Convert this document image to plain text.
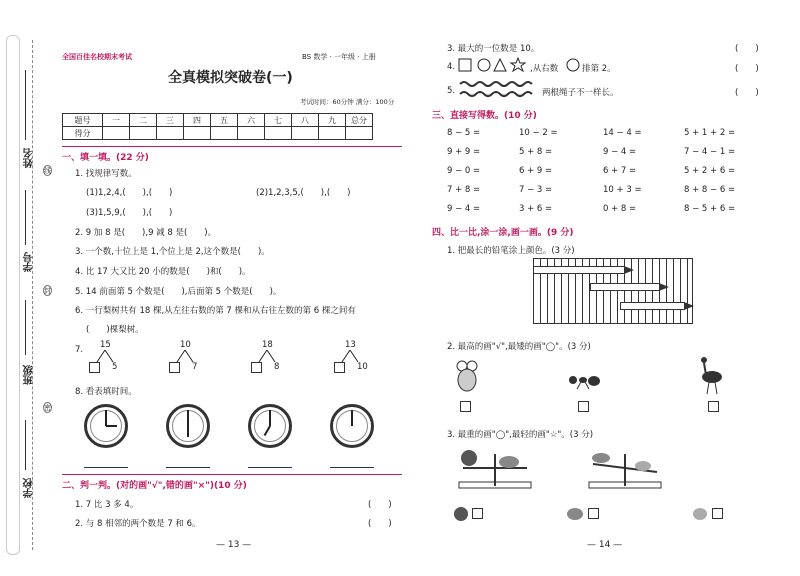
姓名
线
学号
封
班级
密
学校
全国百佳名校期末考试	BS 数学 · 一年级 · 上册
全真模拟突破卷(一)
考试时间：60分钟 满分：100分
题号	一	二	三	四	五	六	七	八	九	总分
得分										
一、填一填。(22 分)
1. 找规律写数。
(1)1,2,4,(　　),(　　)	(2)1,2,3,5,(　　),(　　)
(3)1,5,9,(　　),(　　)
2. 9 加 8 是(　　),9 减 8 是(　　)。
3. 一个数,十位上是 1,个位上是 2,这个数是(　　)。
4. 比 17 大又比 20 小的数是(　　)和(　　)。
5. 14 前面第 5 个数是(　　),后面第 5 个数是(　　)。
6. 一行梨树共有 18 棵,从左往右数的第 7 棵和从右往左数的第 6 棵之间有
(　　)棵梨树。
7. 15
5
10
7
18
8
13
10
8. 看表填时间。
二、判一判。(对的画"√",错的画"×")(10 分)
1. 7 比 3 多 4。	(　　)
2. 与 8 相邻的两个数是 7 和 6。	(　　)
— 13 —
3. 最大的一位数是 10。	(　　)
4.	,从右数	排第 2。	(　　)
5.	两根绳子不一样长。	(　　)
三、直接写得数。(10 分)
8 − 5 =	10 − 2 =	14 − 4 =	5 + 1 + 2 =
9 + 9 =	5 + 8 =	9 − 4 =	7 − 4 − 1 =
9 − 0 =	6 + 9 =	6 + 7 =	5 + 2 + 6 =
7 + 8 =	7 − 3 =	10 + 3 =	8 + 8 − 6 =
9 − 4 =	3 + 6 =	0 + 8 =	8 − 5 + 6 =
四、比一比,涂一涂,画一画。(9 分)
1. 把最长的铅笔涂上颜色。(3 分)
2. 最高的画"√",最矮的画"◯"。(3 分)
3. 最重的画"◯",最轻的画"☆"。(3 分)
— 14 —
